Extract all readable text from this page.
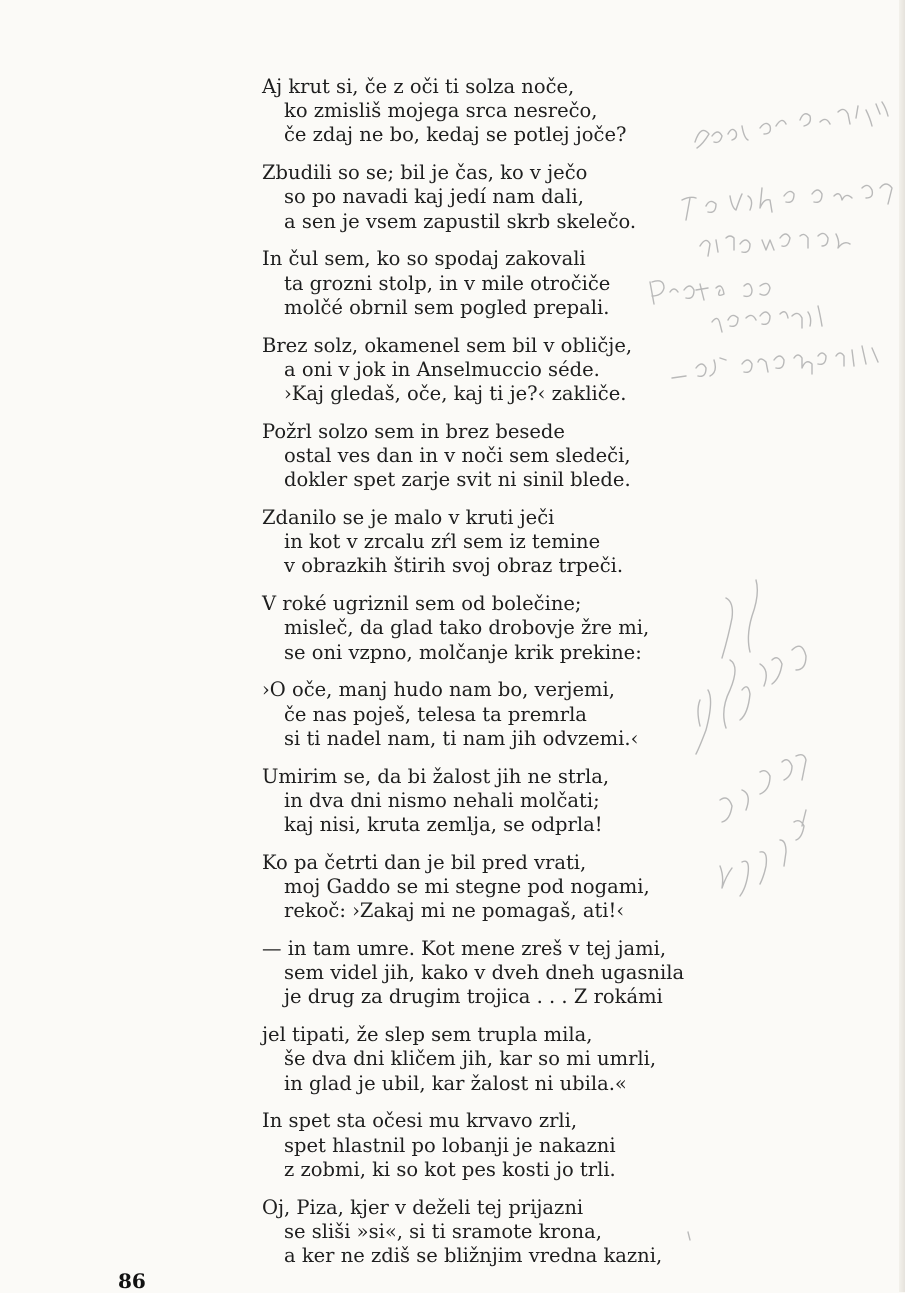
Aj krut si, če z oči ti solza noče,
ko zmisliš mojega srca nesrečo,
če zdaj ne bo, kedaj se potlej joče?
Zbudili so se; bil je čas, ko v ječo
so po navadi kaj jedí nam dali,
a sen je vsem zapustil skrb skelečo.
In čul sem, ko so spodaj zakovali
ta grozni stolp, in v mile otročiče
molčé obrnil sem pogled prepali.
Brez solz, okamenel sem bil v obličje,
a oni v jok in Anselmuccio séde.
›Kaj gledaš, oče, kaj ti je?‹ zakliče.
Požrl solzo sem in brez besede
ostal ves dan in v noči sem sledeči,
dokler spet zarje svit ni sinil blede.
Zdanilo se je malo v kruti ječi
in kot v zrcalu zŕl sem iz temine
v obrazkih štirih svoj obraz trpeči.
V roké ugriznil sem od bolečine;
misleč, da glad tako drobovje žre mi,
se oni vzpno, molčanje krik prekine:
›O oče, manj hudo nam bo, verjemi,
če nas poješ, telesa ta premrla
si ti nadel nam, ti nam jih odvzemi.‹
Umirim se, da bi žalost jih ne strla,
in dva dni nismo nehali molčati;
kaj nisi, kruta zemlja, se odprla!
Ko pa četrti dan je bil pred vrati,
moj Gaddo se mi stegne pod nogami,
rekoč: ›Zakaj mi ne pomagaš, ati!‹
— in tam umre. Kot mene zreš v tej jami,
sem videl jih, kako v dveh dneh ugasnila
je drug za drugim trojica . . . Z rokámi
jel tipati, že slep sem trupla mila,
še dva dni kličem jih, kar so mi umrli,
in glad je ubil, kar žalost ni ubila.«
In spet sta očesi mu krvavo zrli,
spet hlastnil po lobanji je nakazni
z zobmi, ki so kot pes kosti jo trli.
Oj, Piza, kjer v deželi tej prijazni
se sliši »si«, si ti sramote krona,
a ker ne zdiš se bližnjim vredna kazni,
86
